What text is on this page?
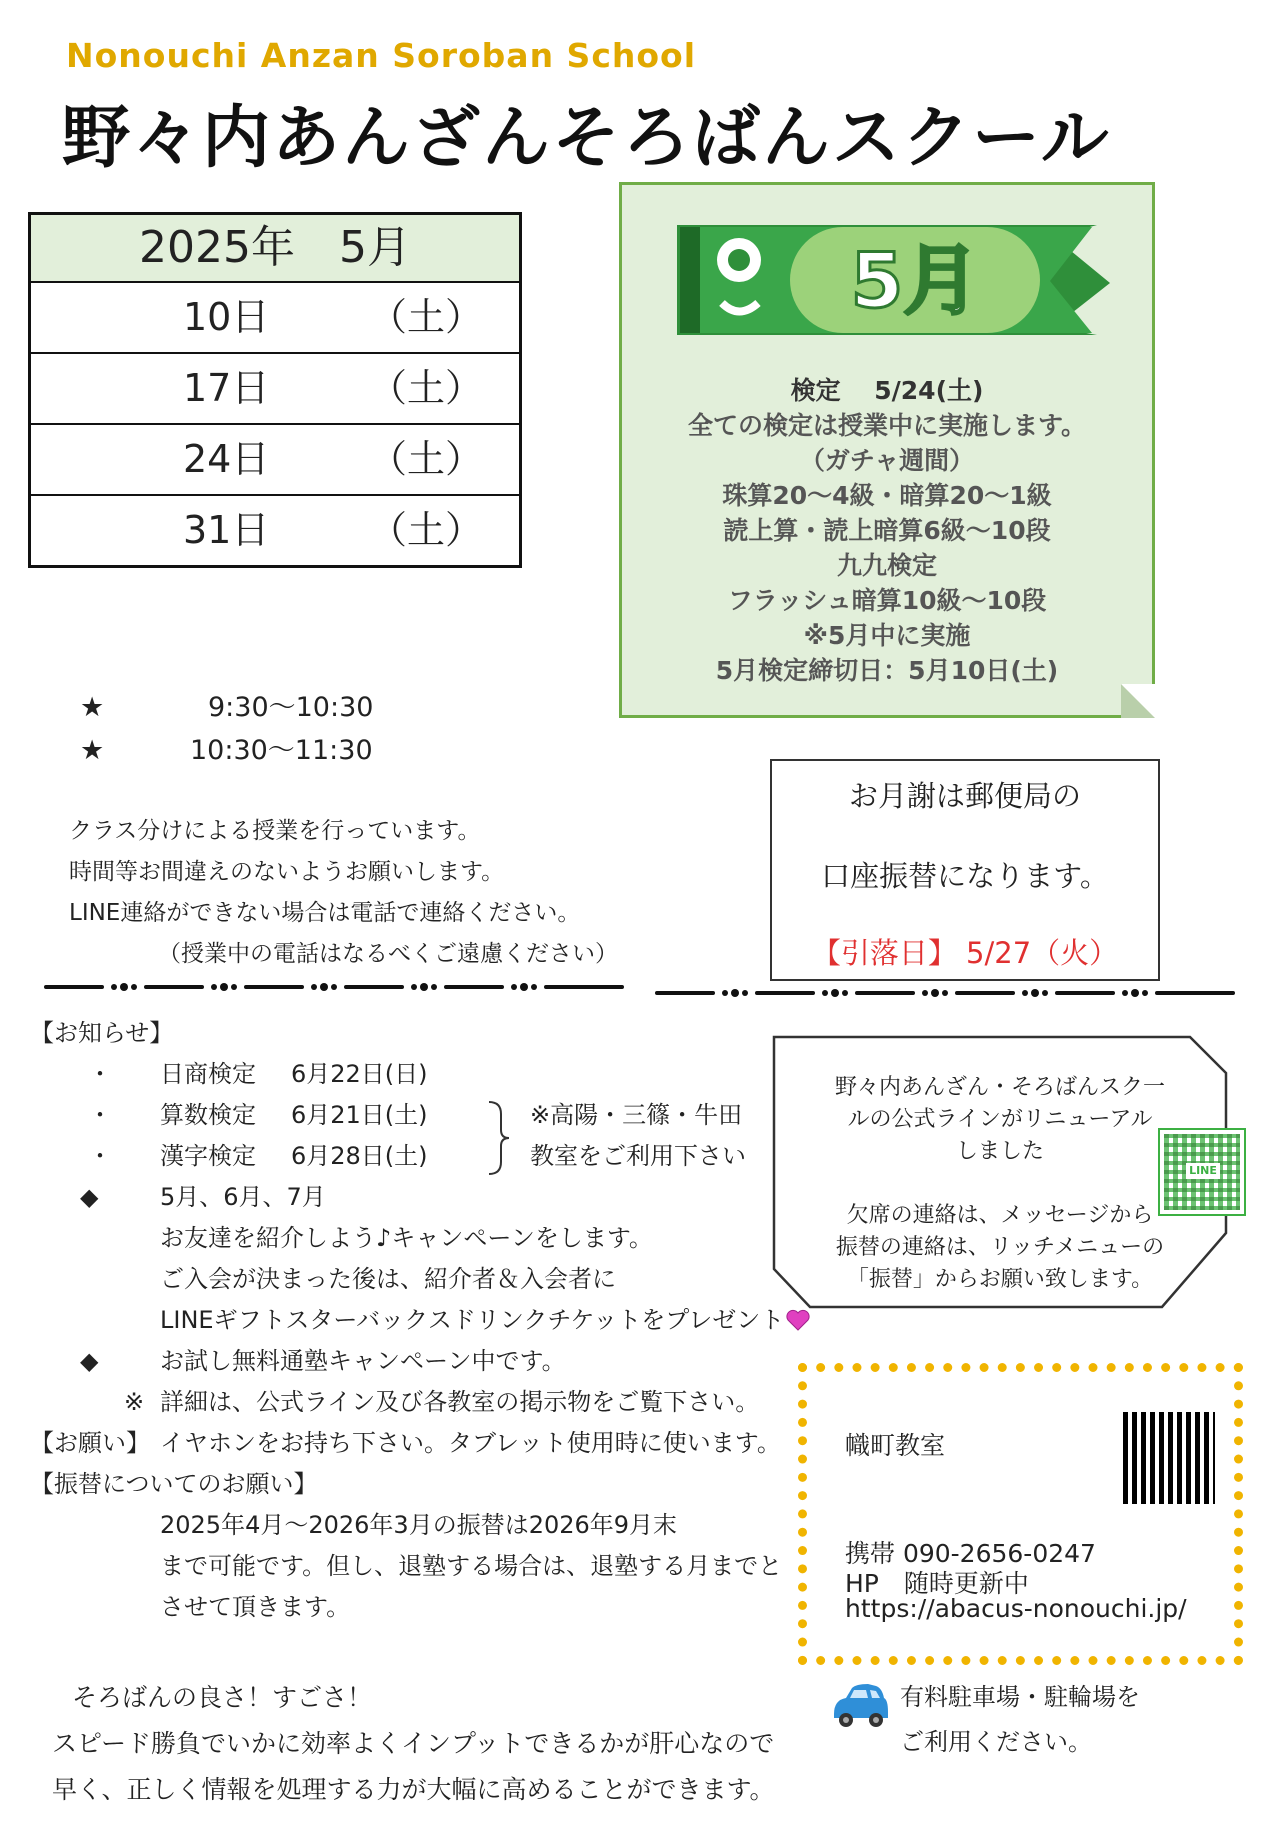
Nonouchi Anzan Soroban School
野々内あんざんそろばんスクール
2025年　5月
10日	（土）
17日	（土）
24日	（土）
31日	（土）
5月
検定　 5/24(土)
全ての検定は授業中に実施します。
（ガチャ週間）
珠算20～4級・暗算20～1級
読上算・読上暗算6級～10段
九九検定
フラッシュ暗算10級～10段
※5月中に実施
5月検定締切日：5月10日(土)
★	9:30～10:30
★	10:30～11:30
クラス分けによる授業を行っています。
時間等お間違えのないようお願いします。
LINE連絡ができない場合は電話で連絡ください。
（授業中の電話はなるべくご遠慮ください）
お月謝は郵便局の
口座振替になります。
【引落日】 5/27（火）
【お知らせ】
・ 日商検定 6月22日(日)
・ 算数検定 6月21日(土)
・ 漢字検定 6月28日(土)
※高陽・三篠・牛田
教室をご利用下さい
◆	5月、6月、7月
お友達を紹介しよう♪キャンペーンをします。
ご入会が決まった後は、紹介者＆入会者に
LINEギフトスターバックスドリンクチケットをプレゼント
◆	お試し無料通塾キャンペーン中です。
※ 詳細は、公式ライン及び各教室の掲示物をご覧下さい。
【お願い】 イヤホンをお持ち下さい。タブレット使用時に使います。
【振替についてのお願い】
2025年4月～2026年3月の振替は2026年9月末
まで可能です。但し、退塾する場合は、退塾する月までと
させて頂きます。
野々内あんざん・そろばんスク一
ルの公式ラインがリニューアル
しました
欠席の連絡は、メッセージから
振替の連絡は、リッチメニューの
「振替」からお願い致します。
LINE
幟町教室
携帯 090-2656-0247
HP　随時更新中
https://abacus-nonouchi.jp/
有料駐車場・駐輪場を
ご利用ください。
そろばんの良さ！すごさ！
スピード勝負でいかに効率よくインプットできるかが肝心なので
早く、正しく情報を処理する力が大幅に高めることができます。
